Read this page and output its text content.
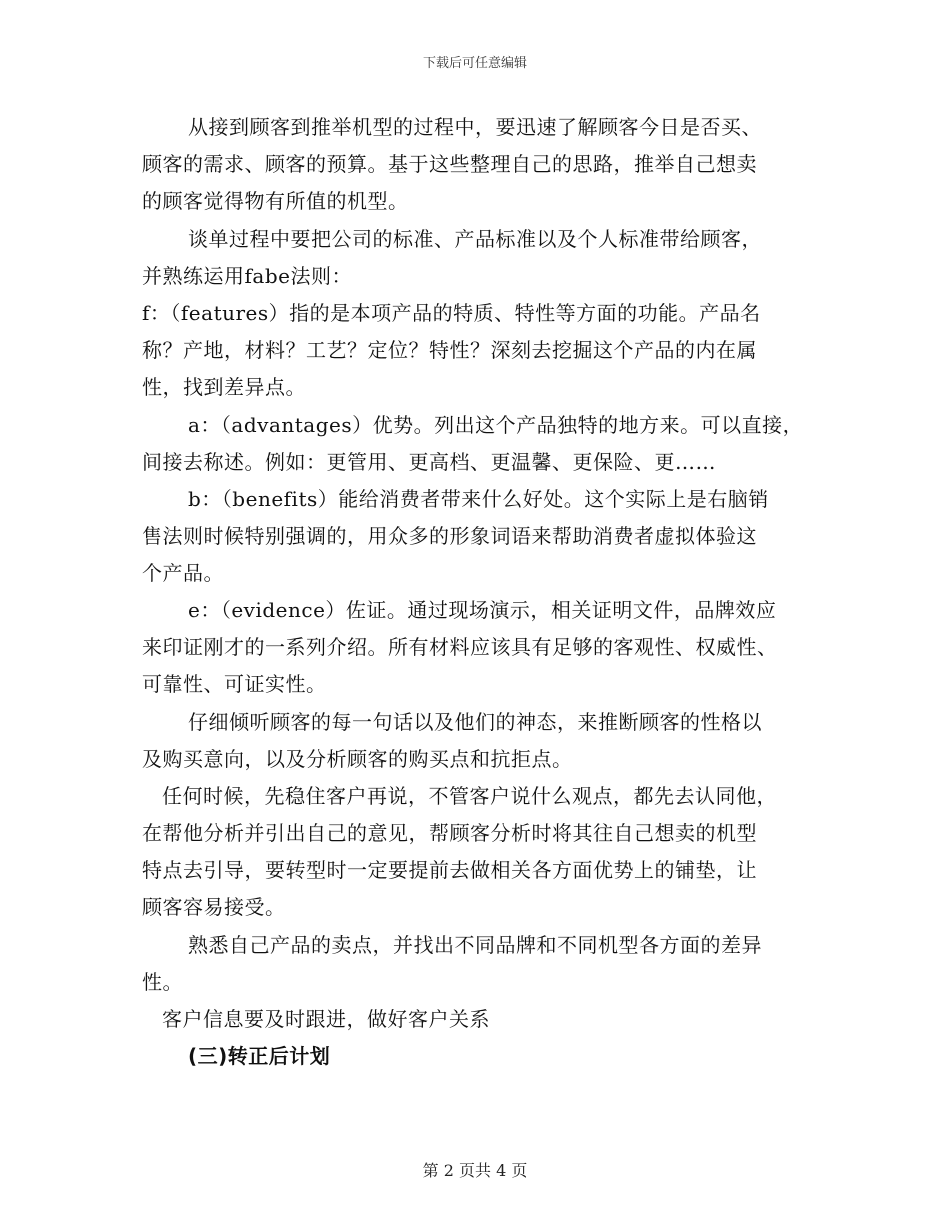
下载后可任意编辑
从接到顾客到推举机型的过程中，要迅速了解顾客今日是否买、
顾客的需求、顾客的预算。基于这些整理自己的思路，推举自己想卖
的顾客觉得物有所值的机型。
谈单过程中要把公司的标准、产品标准以及个人标准带给顾客，
并熟练运用fabe法则：
f：（features）指的是本项产品的特质、特性等方面的功能。产品名
称？产地，材料？工艺？定位？特性？深刻去挖掘这个产品的内在属
性，找到差异点。
a：（advantages）优势。列出这个产品独特的地方来。可以直接，
间接去称述。例如：更管用、更高档、更温馨、更保险、更……
b：（benefits）能给消费者带来什么好处。这个实际上是右脑销
售法则时候特别强调的，用众多的形象词语来帮助消费者虚拟体验这
个产品。
e：（evidence）佐证。通过现场演示，相关证明文件，品牌效应
来印证刚才的一系列介绍。所有材料应该具有足够的客观性、权威性、
可靠性、可证实性。
仔细倾听顾客的每一句话以及他们的神态，来推断顾客的性格以
及购买意向，以及分析顾客的购买点和抗拒点。
任何时候，先稳住客户再说，不管客户说什么观点，都先去认同他，
在帮他分析并引出自己的意见，帮顾客分析时将其往自己想卖的机型
特点去引导，要转型时一定要提前去做相关各方面优势上的铺垫，让
顾客容易接受。
熟悉自己产品的卖点，并找出不同品牌和不同机型各方面的差异
性。
客户信息要及时跟进，做好客户关系
(三)转正后计划
第 2 页共 4 页
